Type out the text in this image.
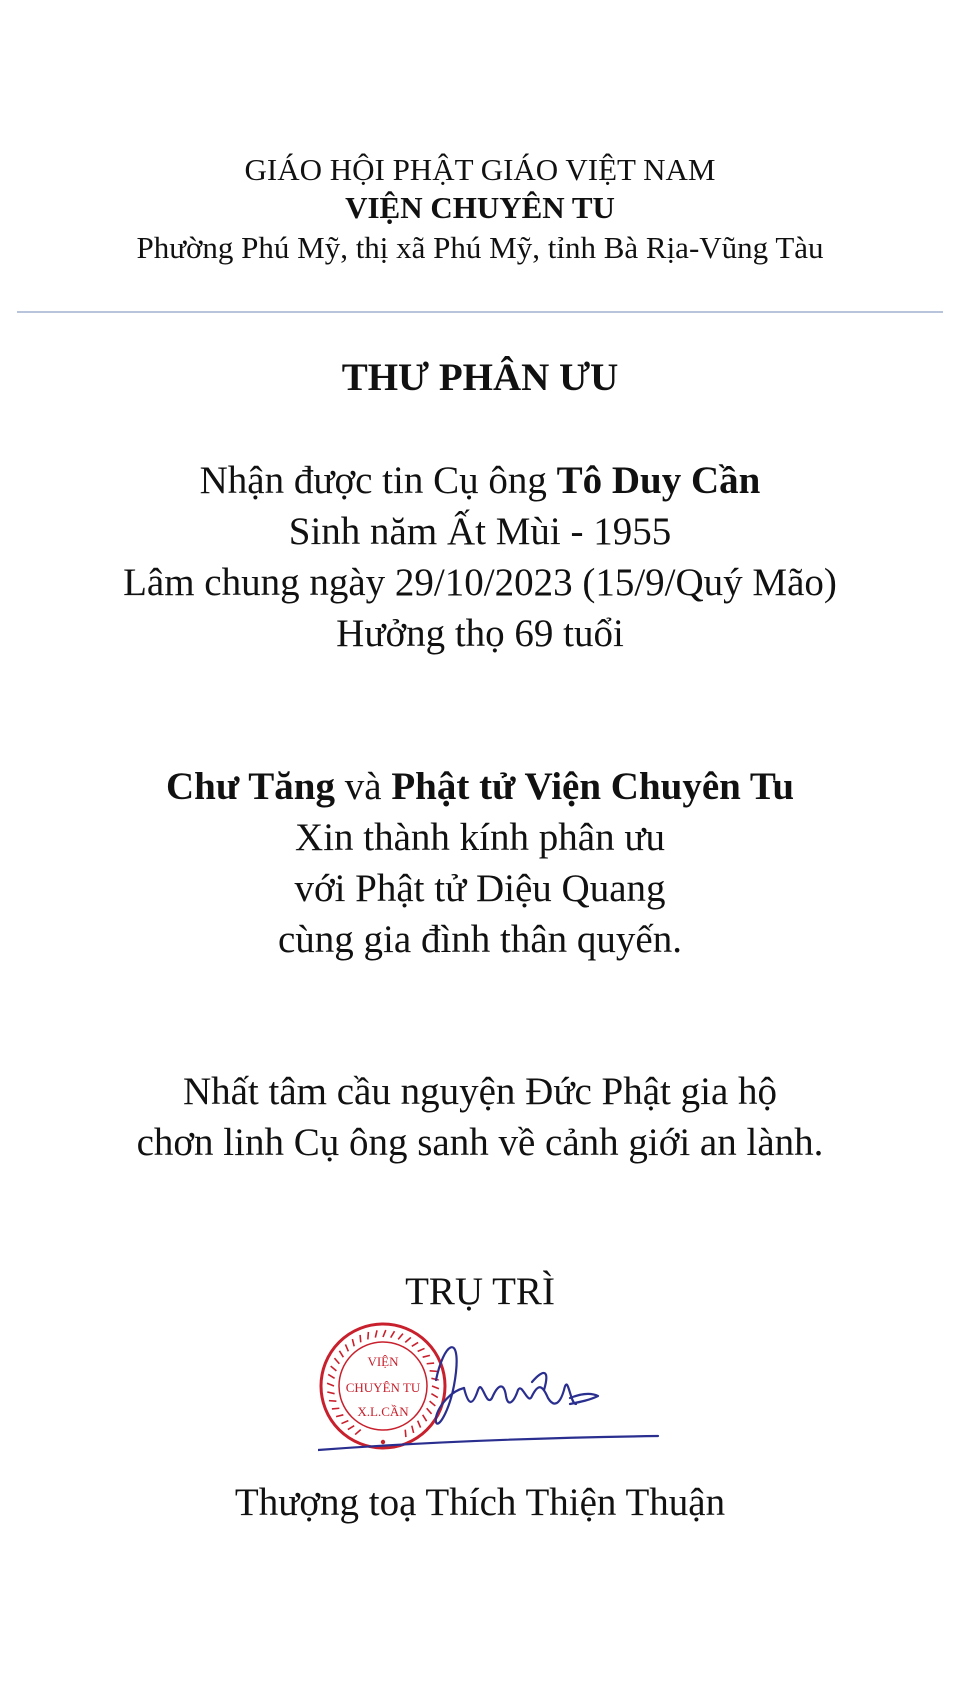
GIÁO HỘI PHẬT GIÁO VIỆT NAM
VIỆN CHUYÊN TU
Phường Phú Mỹ, thị xã Phú Mỹ, tỉnh Bà Rịa-Vũng Tàu
THƯ PHÂN ƯU
Nhận được tin Cụ ông Tô Duy Cần
Sinh năm Ất Mùi - 1955
Lâm chung ngày 29/10/2023 (15/9/Quý Mão)
Hưởng thọ 69 tuổi
Chư Tăng và Phật tử Viện Chuyên Tu
Xin thành kính phân ưu
với Phật tử Diệu Quang
cùng gia đình thân quyến.
Nhất tâm cầu nguyện Đức Phật gia hộ
chơn linh Cụ ông sanh về cảnh giới an lành.
TRỤ TRÌ
VIỆN
CHUYÊN TU
X.L.CẦN
Thượng toạ Thích Thiện Thuận
